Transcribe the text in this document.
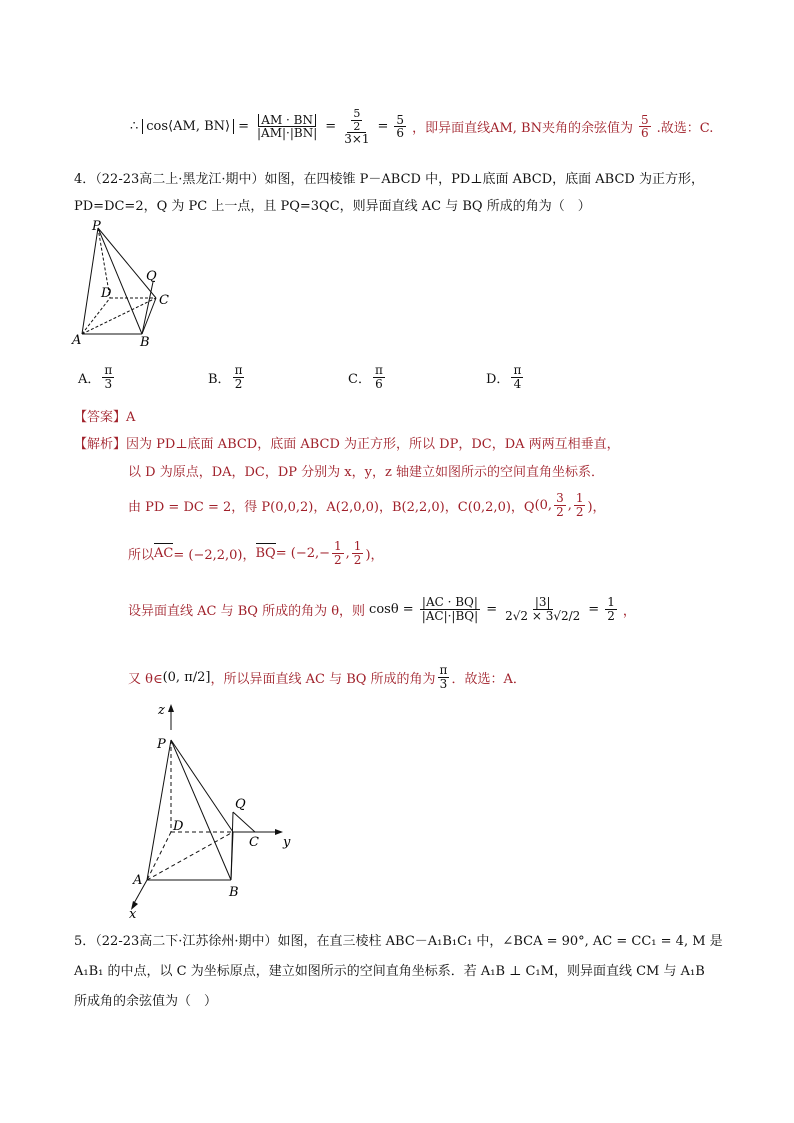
∴ cos⟨AM, BN⟩ = $\frac{AM \cdot BN}{|AM|\cdot|BN|} = \frac{\frac{5}{2}}{3\times 1} = \frac{5}{6}$ ，即异面直线AM, BN夹角的余弦值为 $\frac{5}{6}$ .故选：C.
4．（22-23高二上·黑龙江·期中）如图，在四棱锥 P－ABCD 中，PD⊥底面 ABCD，底面 ABCD 为正方形，
PD=DC=2，Q 为 PC 上一点，且 PQ=3QC，则异面直线 AC 与 BQ 所成的角为（　）
P
Q
D	C
A	B
A． $\frac{\pi}{3}$	B． $\frac{\pi}{2}$	C． $\frac{\pi}{6}$	D． $\frac{\pi}{4}$
【答案】A
【解析】因为 PD⊥底面 ABCD，底面 ABCD 为正方形，所以 DP，DC，DA 两两互相垂直，
以 D 为原点，DA，DC，DP 分别为 x，y，z 轴建立如图所示的空间直角坐标系．
由 PD = DC = 2，得 P(0,0,2)，A(2,0,0)，B(2,2,0)，C(0,2,0)，Q (0, $\frac{3}{2}$ , $\frac{1}{2}$ )，
所以 AC = (−2,2,0)， BQ = ($-2,- \frac{1}{2}$ , $\frac{1}{2}$ )，
设异面直线 AC 与 BQ 所成的角为 θ，则 $\cos\theta = \frac{|AC \cdot BQ|}{|AC|\cdot|BQ|} = \frac{|3|}{2√2 \times 3√2/2} = \frac{1}{2}$ ，
又 θ∈ (0, π/2] ，所以异面直线 AC 与 BQ 所成的角为 $\frac{\pi}{3}$ ．故选：A．
z
y
x
P
Q
D
C
A
B
5．（22-23高二下·江苏徐州·期中）如图，在直三棱柱 ABC－A₁B₁C₁ 中，∠BCA = 90°, AC = CC₁ = 4, M 是
A₁B₁ 的中点，以 C 为坐标原点，建立如图所示的空间直角坐标系．若 A₁B ⊥ C₁M，则异面直线 CM 与 A₁B
所成角的余弦值为（　）
